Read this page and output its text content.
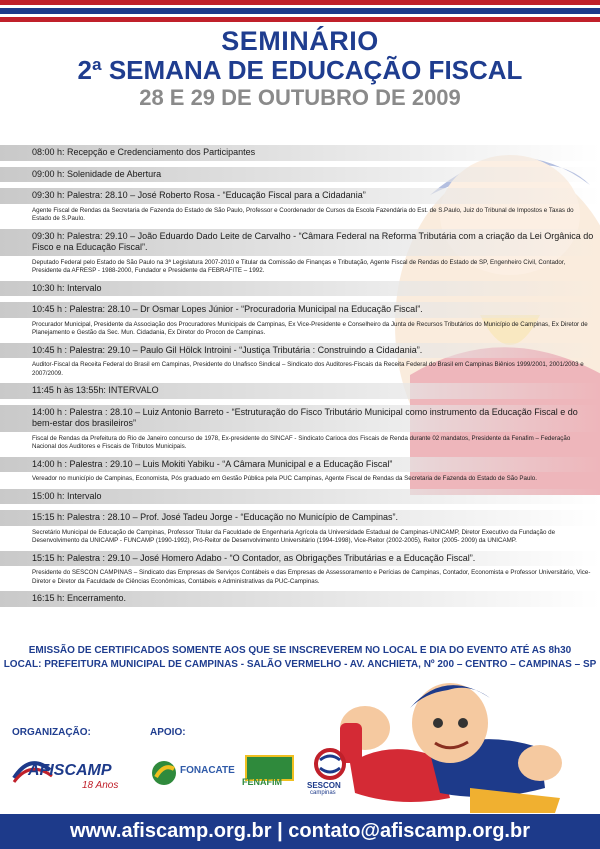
SEMINÁRIO
2ª SEMANA DE EDUCAÇÃO FISCAL
28 E 29 DE OUTUBRO DE 2009
08:00 h: Recepção e Credenciamento dos Participantes
09:00 h: Solenidade de Abertura
09:30 h: Palestra: 28.10 – José Roberto Rosa - “Educação Fiscal para a Cidadania”
Agente Fiscal de Rendas da Secretaria de Fazenda do Estado de São Paulo, Professor e Coordenador de Cursos da Escola Fazendária do Est. de S.Paulo, Juiz do Tribunal de Impostos e Taxas do Estado de S.Paulo.
09:30 h: Palestra: 29.10 – João Eduardo Dado Leite de Carvalho - “Câmara Federal na Reforma Tributária com a criação da Lei Orgânica do Fisco e na Educação Fiscal”.
Deputado Federal pelo Estado de São Paulo na 3ª Legislatura 2007-2010 e Titular da Comissão de Finanças e Tributação, Agente Fiscal de Rendas do Estado de SP, Engenheiro Civil, Contador, Presidente da AFRESP - 1988-2000, Fundador e Presidente da FEBRAFITE – 1992.
10:30 h: Intervalo
10:45 h : Palestra: 28.10 – Dr Osmar Lopes Júnior - “Procuradoria Municipal na Educação Fiscal”.
Procurador Municipal, Presidente da Associação dos Procuradores Municipais de Campinas, Ex Vice-Presidente e Conselheiro da Junta de Recursos Tributários do Município de Campinas, Ex Diretor de Planejamento e Gestão da Sec. Mun. Cidadania, Ex Diretor do Procon de Campinas.
10:45 h : Palestra: 29.10 – Paulo Gil Hölck Introini - “Justiça Tributária : Construindo a Cidadania”.
Auditor-Fiscal da Receita Federal do Brasil em Campinas, Presidente do Unafisco Sindical – Sindicato dos Auditores-Fiscais da Receita Federal do Brasil em Campinas Biênios 1999/2001, 2001/2003 e 2007/2009.
11:45 h às 13:55h: INTERVALO
14:00 h : Palestra : 28.10 – Luiz Antonio Barreto - “Estruturação do Fisco Tributário Municipal como instrumento da Educação Fiscal e do bem-estar dos brasileiros”
Fiscal de Rendas da Prefeitura do Rio de Janeiro concurso de 1978, Ex-presidente do SINCAF - Sindicato Carioca dos Fiscais de Renda durante 02 mandatos, Presidente da Fenafim – Federação Nacional dos Auditores e Fiscais de Tributos Municipais.
14:00 h : Palestra : 29.10 – Luis Mokiti Yabiku - “A Câmara Municipal e a Educação Fiscal”
Vereador no município de Campinas, Economista, Pós graduado em Gestão Pública pela PUC Campinas, Agente Fiscal de Rendas da Secretaria de Fazenda do Estado de São Paulo.
15:00 h: Intervalo
15:15 h: Palestra : 28.10 – Prof. José Tadeu Jorge - “Educação no Município de Campinas”.
Secretário Municipal de Educação de Campinas, Professor Titular da Faculdade de Engenharia Agrícola da Universidade Estadual de Campinas-UNICAMP, Diretor Executivo da Fundação de Desenvolvimento da UNICAMP - FUNCAMP (1990-1992), Pró-Reitor de Desenvolvimento Universitário (1994-1998), Vice-Reitor (2002-2005), Reitor (2005- 2009) da UNICAMP.
15:15 h: Palestra : 29.10 – José Homero Adabo - “O Contador, as Obrigações Tributárias e a Educação Fiscal”.
Presidente do SESCON CAMPINAS – Sindicato das Empresas de Serviços Contábeis e das Empresas de Assessoramento e Perícias de Campinas, Contador, Economista e Professor Universitário, Vice-Diretor e Diretor da Faculdade de Ciências Econômicas, Contábeis e Administrativas da PUC-Campinas.
16:15 h: Encerramento.
EMISSÃO DE CERTIFICADOS SOMENTE AOS QUE SE INSCREVEREM NO LOCAL E DIA DO EVENTO ATÉ AS 8h30
LOCAL: PREFEITURA MUNICIPAL DE CAMPINAS - SALÃO VERMELHO - AV. ANCHIETA, Nº 200 – CENTRO – CAMPINAS – SP
ORGANIZAÇÃO:	APOIO:
AFISCAMP
18 Anos
FONACATE
FENAFIM	SESCON
campinas
www.afiscamp.org.br | contato@afiscamp.org.br
